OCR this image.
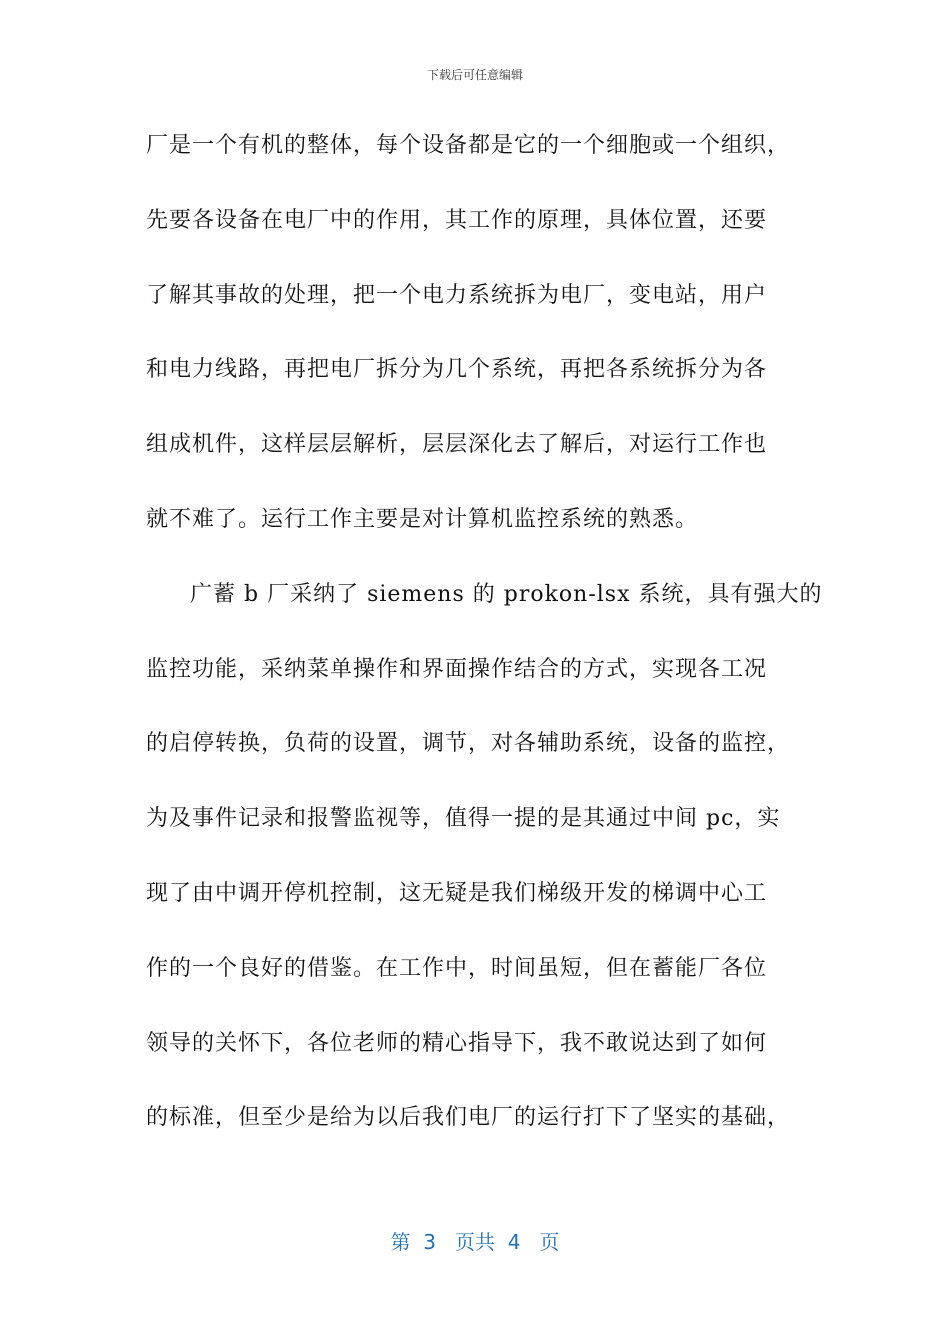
下载后可任意编辑
厂是一个有机的整体，每个设备都是它的一个细胞或一个组织，
先要各设备在电厂中的作用，其工作的原理，具体位置，还要
了解其事故的处理，把一个电力系统拆为电厂，变电站，用户
和电力线路，再把电厂拆分为几个系统，再把各系统拆分为各
组成机件，这样层层解析，层层深化去了解后，对运行工作也
就不难了。运行工作主要是对计算机监控系统的熟悉。
广蓄 b 厂采纳了 siemens 的 prokon-lsx 系统，具有强大的
监控功能，采纳菜单操作和界面操作结合的方式，实现各工况
的启停转换，负荷的设置，调节，对各辅助系统，设备的监控，
为及事件记录和报警监视等，值得一提的是其通过中间 pc，实
现了由中调开停机控制，这无疑是我们梯级开发的梯调中心工
作的一个良好的借鉴。在工作中，时间虽短，但在蓄能厂各位
领导的关怀下，各位老师的精心指导下，我不敢说达到了如何
的标准，但至少是给为以后我们电厂的运行打下了坚实的基础，
第  3   页共  4   页
